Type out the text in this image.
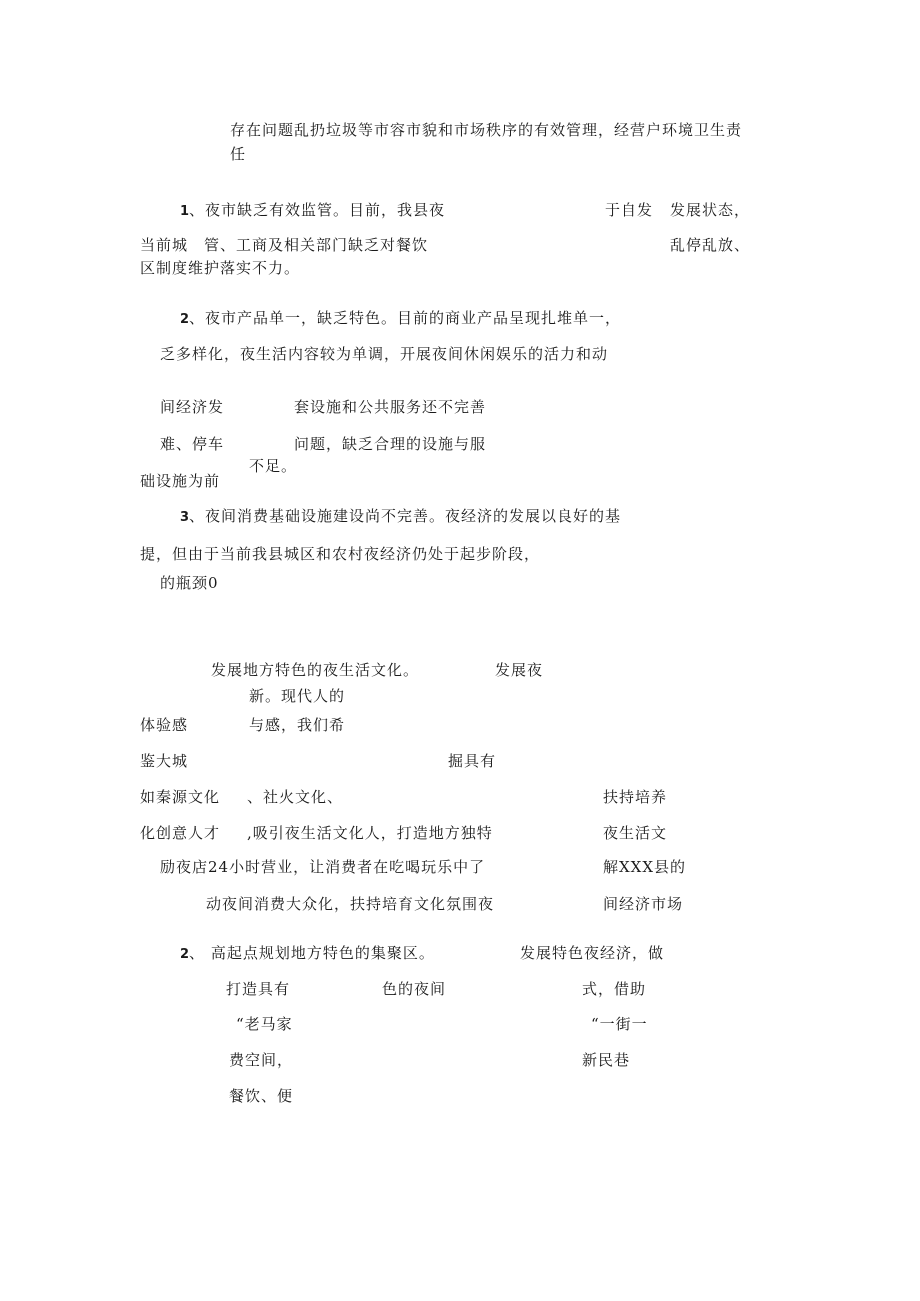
存在问题乱扔垃圾等市容市貌和市场秩序的有效管理，经营户环境卫生责
任
1、夜市缺乏有效监管。目前，我县夜	于自发 发展状态，
当前城 管、工商及相关部门缺乏对餐饮	乱停乱放、
区制度维护落实不力。
2、夜市产品单一，缺乏特色。目前的商业产品呈现扎堆单一，
乏多样化，夜生活内容较为单调，开展夜间休闲娱乐的活力和动
间经济发	套设施和公共服务还不完善
难、停车	问题，缺乏合理的设施与服
不足。
础设施为前
3、夜间消费基础设施建设尚不完善。夜经济的发展以良好的基
提，但由于当前我县城区和农村夜经济仍处于起步阶段，
的瓶颈0
发展地方特色的夜生活文化。	发展夜
新。现代人的
体验感	与感，我们希
鉴大城	掘具有
如秦源文化 、社火文化、	扶持培养
化创意人才 ,吸引夜生活文化人，打造地方独特	夜生活文
励夜店24小时营业，让消费者在吃喝玩乐中了	解XXX县的
动夜间消费大众化，扶持培育文化氛围夜	间经济市场
2、 高起点规划地方特色的集聚区。	发展特色夜经济，做
打造具有	色的夜间	式，借助
“老马家	“一街一
费空间，	新民巷
餐饮、便
